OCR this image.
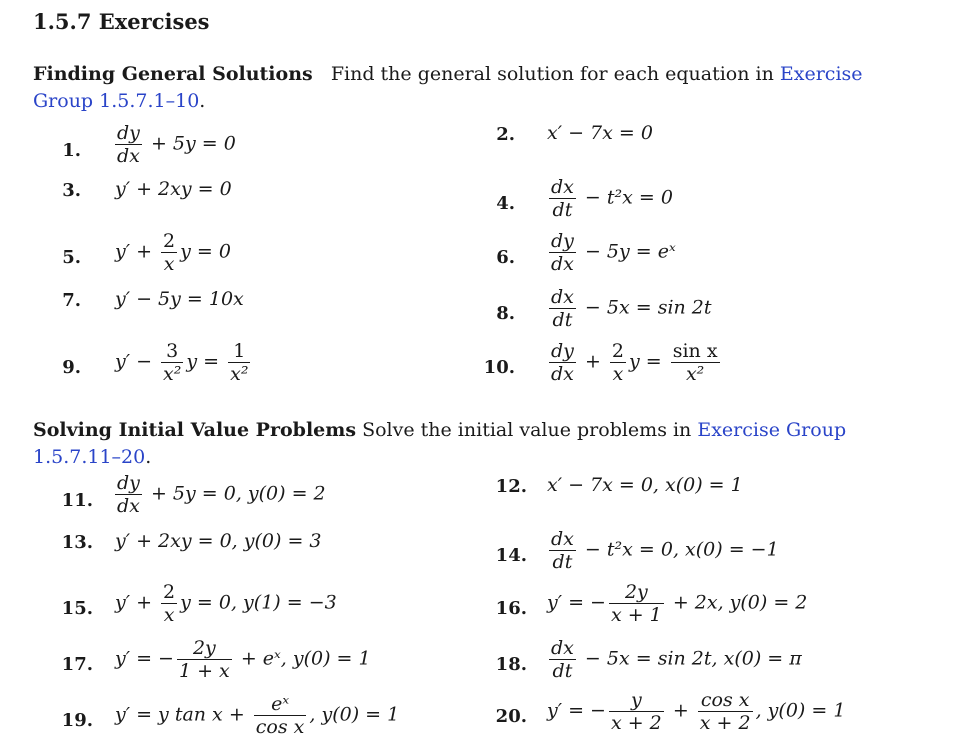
1.5.7 Exercises
Finding General Solutions Find the general solution for each equation in Exercise Group 1.5.7.1–10.
1. $\frac{dy}{dx} + 5y = 0$
3. y′ + 2xy = 0
5. $y' + \frac{2}{x}$ y = 0
7. y′ − 5y = 10x
9. $y' - \frac{3}{\text{x²}}$ $y = \frac{1}{\text{x²}}$
2. x′ − 7x = 0
4. $\frac{dx}{dt} - t^2x = 0$
6. $\frac{dy}{dx} - 5y$ = eˣ
8. $\frac{dx}{dt} - 5x = \sin 2t$
10. $\frac{dy}{dx} + \frac{2}{x}$ $y = \frac{\text{sin x}}{\text{x²}}$
Solving Initial Value Problems Solve the initial value problems in Exercise Group 1.5.7.11–20.
11. $\frac{dy}{dx} + 5y = 0$, y(0) = 2
13. y′ + 2xy = 0, y(0) = 3
15. $y' + \frac{2}{x}$ y = 0, y(1) = −3
17. y′ = − $\frac{2y}{1 + x}$ + eˣ, y(0) = 1
19. y′ = y $\tan x + \frac{\text{eˣ}}{\text{cos x}}$ , y(0) = 1
12. x′ − 7x = 0, x(0) = 1
14. $\frac{dx}{dt} - t^2x = 0$, x(0) = −1
16. y′ = − $\frac{2y}{x + 1} + 2x$, y(0) = 2
18. $\frac{dx}{dt} - 5x = \sin 2t$, x(0) = π
20. y′ = − $\frac{y}{x + 2} + \frac{\text{cos x}}{x + 2}$ , y(0) = 1
